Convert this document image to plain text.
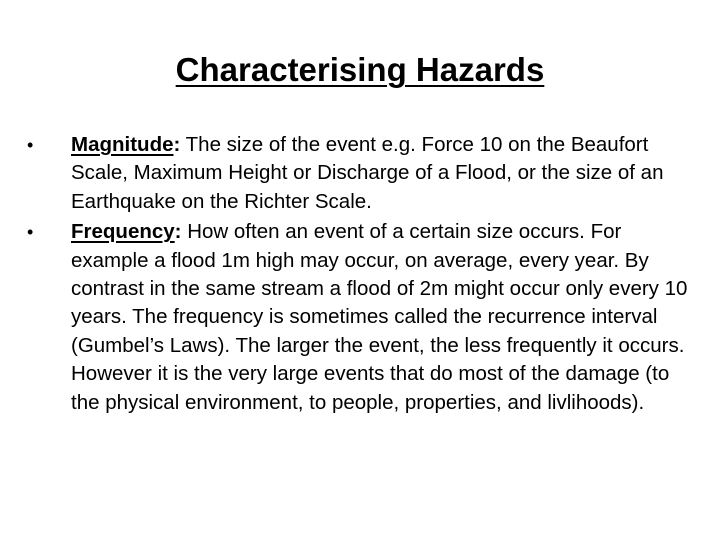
Characterising Hazards
•	Magnitude: The size of the event e.g. Force 10 on the Beaufort Scale, Maximum Height or Discharge of a Flood, or the size of an Earthquake on the Richter Scale.
•	Frequency: How often an event of a certain size occurs. For example a flood 1m high may occur, on average, every year. By contrast in the same stream a flood of 2m might occur only every 10 years. The frequency is sometimes called the recurrence interval (Gumbel’s Laws). The larger the event, the less frequently it occurs. However it is the very large events that do most of the damage (to the physical environment, to people, properties, and livlihoods).
